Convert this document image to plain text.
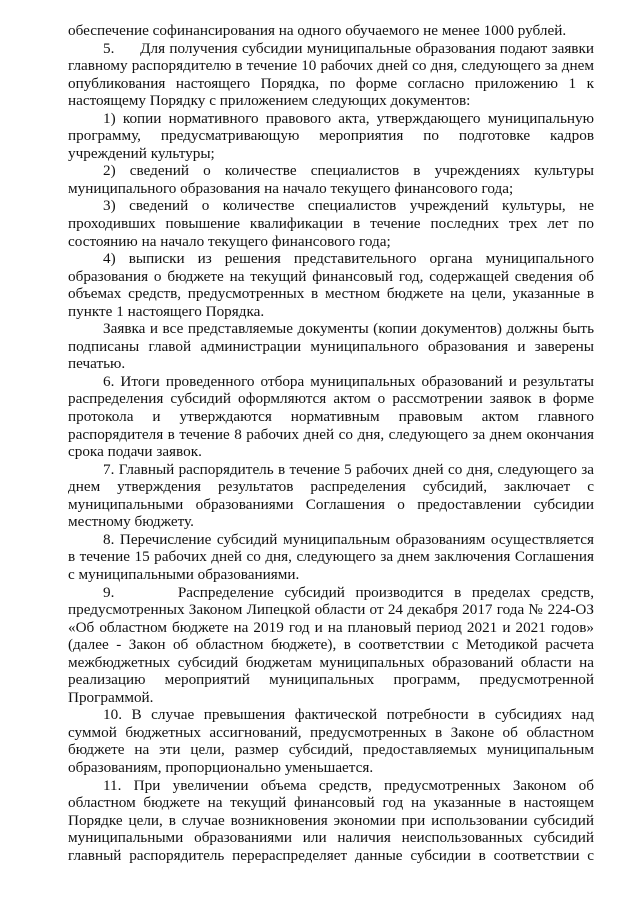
обеспечение софинансирования на одного обучаемого не менее 1000 рублей.

5.      Для получения субсидии муниципальные образования подают заявки главному распорядителю в течение 10 рабочих дней со дня, следующего за днем опубликования настоящего Порядка, по форме согласно приложению 1 к настоящему Порядку с приложением следующих документов:

1) копии нормативного правового акта, утверждающего муниципальную программу, предусматривающую мероприятия по подготовке кадров учреждений культуры;

2) сведений о количестве специалистов в учреждениях культуры муниципального образования на начало текущего финансового года;

3) сведений о количестве специалистов учреждений культуры, не проходивших повышение квалификации в течение последних трех лет по состоянию на начало текущего финансового года;

4) выписки из решения представительного органа муниципального образования о бюджете на текущий финансовый год, содержащей сведения об объемах средств, предусмотренных в местном бюджете на цели, указанные в пункте 1 настоящего Порядка.

Заявка и все представляемые документы (копии документов) должны быть подписаны главой администрации муниципального образования и заверены печатью.

6. Итоги проведенного отбора муниципальных образований и результаты распределения субсидий оформляются актом о рассмотрении заявок в форме протокола и утверждаются нормативным правовым актом главного распорядителя в течение 8 рабочих дней со дня, следующего за днем окончания срока подачи заявок.

7. Главный распорядитель в течение 5 рабочих дней со дня, следующего за днем утверждения результатов распределения субсидий, заключает с муниципальными образованиями Соглашения о предоставлении субсидии местному бюджету.

8. Перечисление субсидий муниципальным образованиям осуществляется в течение 15 рабочих дней со дня, следующего за днем заключения Соглашения с муниципальными образованиями.

9.      Распределение субсидий производится в пределах средств, предусмотренных Законом Липецкой области от 24 декабря 2017 года № 224-ОЗ «Об областном бюджете на 2019 год и на плановый период 2021 и 2021 годов» (далее - Закон об областном бюджете), в соответствии с Методикой расчета межбюджетных субсидий бюджетам муниципальных образований области на реализацию мероприятий муниципальных программ, предусмотренной Программой.

10. В случае превышения фактической потребности в субсидиях над суммой бюджетных ассигнований, предусмотренных в Законе об областном бюджете на эти цели, размер субсидий, предоставляемых муниципальным образованиям, пропорционально уменьшается.

11. При увеличении объема средств, предусмотренных Законом об областном бюджете на текущий финансовый год на указанные в настоящем Порядке цели, в случае возникновения экономии при использовании субсидий муниципальными образованиями или наличия неиспользованных субсидий главный распорядитель перераспределяет данные субсидии в соответствии с
